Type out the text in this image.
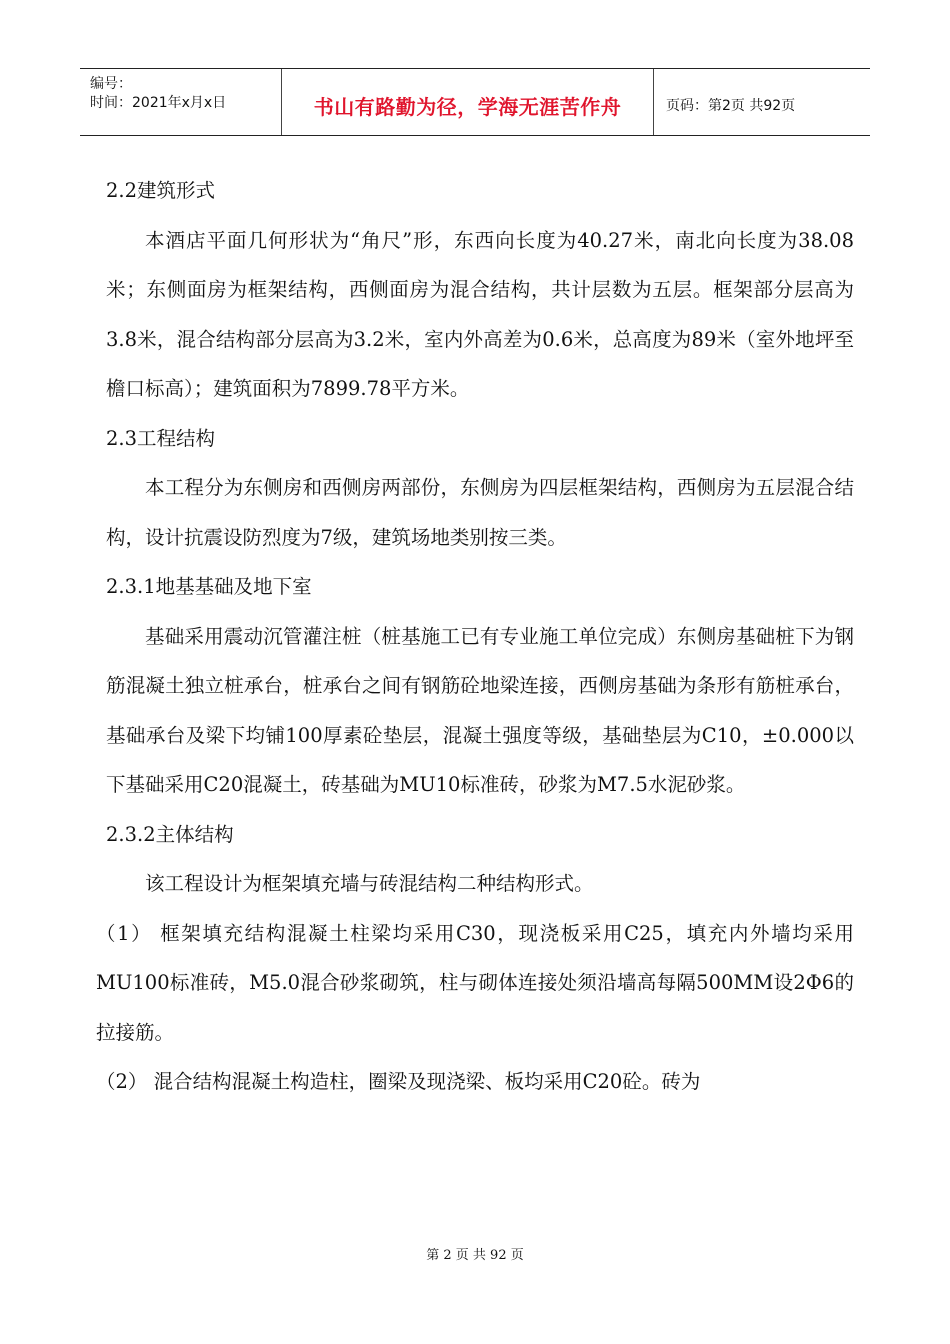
编号：
时间：2021年x月x日	书山有路勤为径，学海无涯苦作舟	页码：第2页 共92页

2.2建筑形式

本酒店平面几何形状为“角尺”形，东西向长度为40.27米，南北向长度为38.08米；东侧面房为框架结构，西侧面房为混合结构，共计层数为五层。框架部分层高为3.8米，混合结构部分层高为3.2米，室内外高差为0.6米，总高度为89米（室外地坪至檐口标高）；建筑面积为7899.78平方米。

2.3工程结构

本工程分为东侧房和西侧房两部份，东侧房为四层框架结构，西侧房为五层混合结构，设计抗震设防烈度为7级，建筑场地类别按三类。

2.3.1地基基础及地下室

基础采用震动沉管灌注桩（桩基施工已有专业施工单位完成）东侧房基础桩下为钢筋混凝土独立桩承台，桩承台之间有钢筋砼地梁连接，西侧房基础为条形有筋桩承台，基础承台及梁下均铺100厚素砼垫层，混凝土强度等级，基础垫层为C10，±0.000以下基础采用C20混凝土，砖基础为MU10标准砖，砂浆为M7.5水泥砂浆。

2.3.2主体结构

该工程设计为框架填充墙与砖混结构二种结构形式。

（1） 框架填充结构混凝土柱梁均采用C30，现浇板采用C25，填充内外墙均采用MU100标准砖，M5.0混合砂浆砌筑，柱与砌体连接处须沿墙高每隔500MM设2Φ6的拉接筋。

（2） 混合结构混凝土构造柱，圈梁及现浇梁、板均采用C20砼。砖为

第 2 页 共 92 页
